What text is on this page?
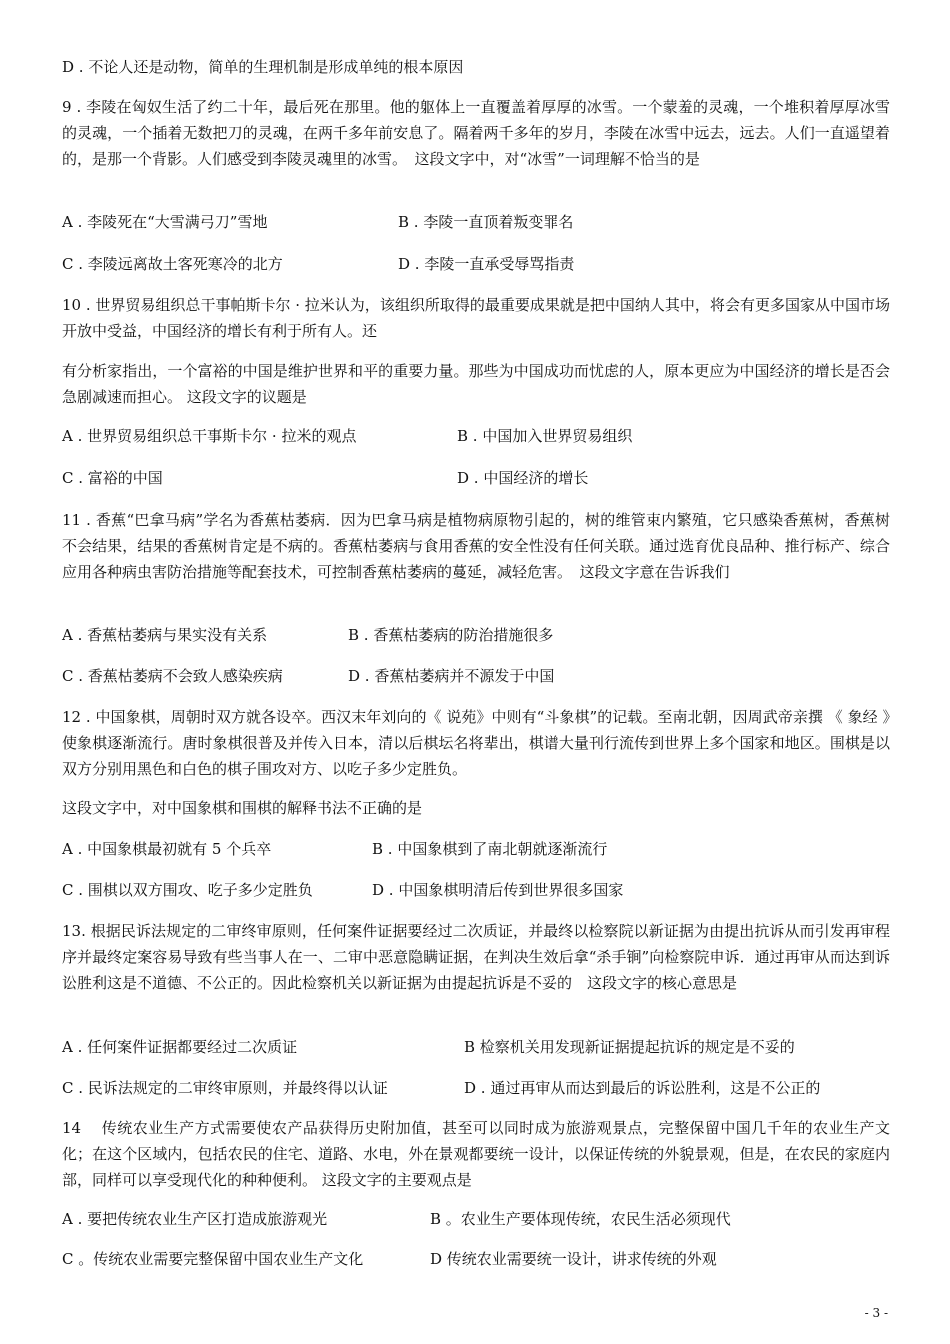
D . 不论人还是动物，简单的生理机制是形成单纯的根本原因

9 . 李陵在匈奴生活了约二十年，最后死在那里。他的躯体上一直覆盖着厚厚的冰雪。一个蒙羞的灵魂，一个堆积着厚厚冰雪的灵魂，一个插着无数把刀的灵魂，在两千多年前安息了。隔着两千多年的岁月，李陵在冰雪中远去，远去。人们一直遥望着的，是那一个背影。人们感受到李陵灵魂里的冰雪。　这段文字中，对“冰雪”一词理解不恰当的是

A . 李陵死在“大雪满弓刀”雪地	B . 李陵一直顶着叛变罪名
C . 李陵远离故土客死寒冷的北方	D . 李陵一直承受辱骂指责

10 . 世界贸易组织总干事帕斯卡尔 · 拉米认为，该组织所取得的最重要成果就是把中国纳人其中，将会有更多国家从中国市场开放中受益，中国经济的增长有利于所有人。还

有分析家指出，一个富裕的中国是维护世界和平的重要力量。那些为中国成功而忧虑的人，原本更应为中国经济的增长是否会急剧减速而担心。 这段文字的议题是

A . 世界贸易组织总干事斯卡尔 · 拉米的观点	B . 中国加入世界贸易组织
C . 富裕的中国	D . 中国经济的增长

11 . 香蕉“巴拿马病”学名为香蕉枯萎病．因为巴拿马病是植物病原物引起的，树的维管束内繁殖，它只感染香蕉树，香蕉树不会结果，结果的香蕉树肯定是不病的。香蕉枯萎病与食用香蕉的安全性没有任何关联。通过选育优良品种、推行标产、综合应用各种病虫害防治措施等配套技术，可控制香蕉枯萎病的蔓延，减轻危害。　这段文字意在告诉我们

A . 香蕉枯萎病与果实没有关系	B . 香蕉枯萎病的防治措施很多
C . 香蕉枯萎病不会致人感染疾病	D . 香蕉枯萎病并不源发于中国

12 . 中国象棋，周朝时双方就各设卒。西汉末年刘向的《 说苑》中则有“斗象棋”的记载。至南北朝，因周武帝亲撰 《 象经 》使象棋逐渐流行。唐时象棋很普及并传入日本，清以后棋坛名将辈出，棋谱大量刊行流传到世界上多个国家和地区。围棋是以双方分别用黑色和白色的棋子围攻对方、以吃子多少定胜负。

这段文字中，对中国象棋和围棋的解释书法不正确的是

A . 中国象棋最初就有 5 个兵卒	B . 中国象棋到了南北朝就逐渐流行
C . 围棋以双方围攻、吃子多少定胜负	D . 中国象棋明清后传到世界很多国家

13. 根据民诉法规定的二审终审原则，任何案件证据要经过二次质证，并最终以检察院以新证据为由提出抗诉从而引发再审程序并最终定案容易导致有些当事人在一、二审中恶意隐瞒证据，在判决生效后拿“杀手锏”向检察院申诉．通过再审从而达到诉讼胜利这是不道德、不公正的。因此检察机关以新证据为由提起抗诉是不妥的　这段文字的核心意思是

A . 任何案件证据都要经过二次质证	B 检察机关用发现新证据提起抗诉的规定是不妥的
C . 民诉法规定的二审终审原则，并最终得以认证	D . 通过再审从而达到最后的诉讼胜利，这是不公正的

14 　传统农业生产方式需要使农产品获得历史附加值，甚至可以同时成为旅游观景点，完整保留中国几千年的农业生产文化；在这个区域内，包括农民的住宅、道路、水电，外在景观都要统一设计，以保证传统的外貌景观，但是，在农民的家庭内部，同样可以享受现代化的种种便利。 这段文字的主要观点是

A . 要把传统农业生产区打造成旅游观光	B 。农业生产要体现传统，农民生活必须现代
C 。传统农业需要完整保留中国农业生产文化	D 传统农业需要统一设计，讲求传统的外观
- 3 -
